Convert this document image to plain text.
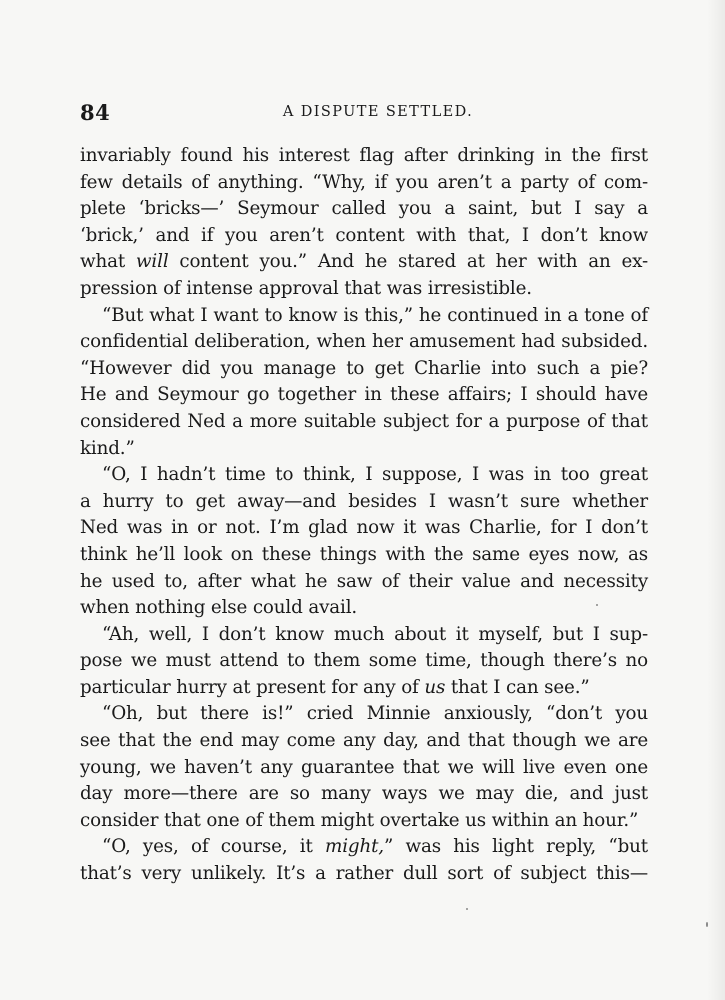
84	A DISPUTE SETTLED.
invariably found his interest flag after drinking in the first
few details of anything. “Why, if you aren’t a party of com-
plete ‘bricks—’ Seymour called you a saint, but I say a
‘brick,’ and if you aren’t content with that, I don’t know
what will content you.” And he stared at her with an ex-
pression of intense approval that was irresistible.
“But what I want to know is this,” he continued in a tone of
confidential deliberation, when her amusement had subsided.
“However did you manage to get Charlie into such a pie?
He and Seymour go together in these affairs; I should have
considered Ned a more suitable subject for a purpose of that
kind.”
“O, I hadn’t time to think, I suppose, I was in too great
a hurry to get away—and besides I wasn’t sure whether
Ned was in or not. I’m glad now it was Charlie, for I don’t
think he’ll look on these things with the same eyes now, as
he used to, after what he saw of their value and necessity
when nothing else could avail.
“Ah, well, I don’t know much about it myself, but I sup-
pose we must attend to them some time, though there’s no
particular hurry at present for any of us that I can see.”
“Oh, but there is!” cried Minnie anxiously, “don’t you
see that the end may come any day, and that though we are
young, we haven’t any guarantee that we will live even one
day more—there are so many ways we may die, and just
consider that one of them might overtake us within an hour.”
“O, yes, of course, it might,” was his light reply, “but
that’s very unlikely. It’s a rather dull sort of subject this—
